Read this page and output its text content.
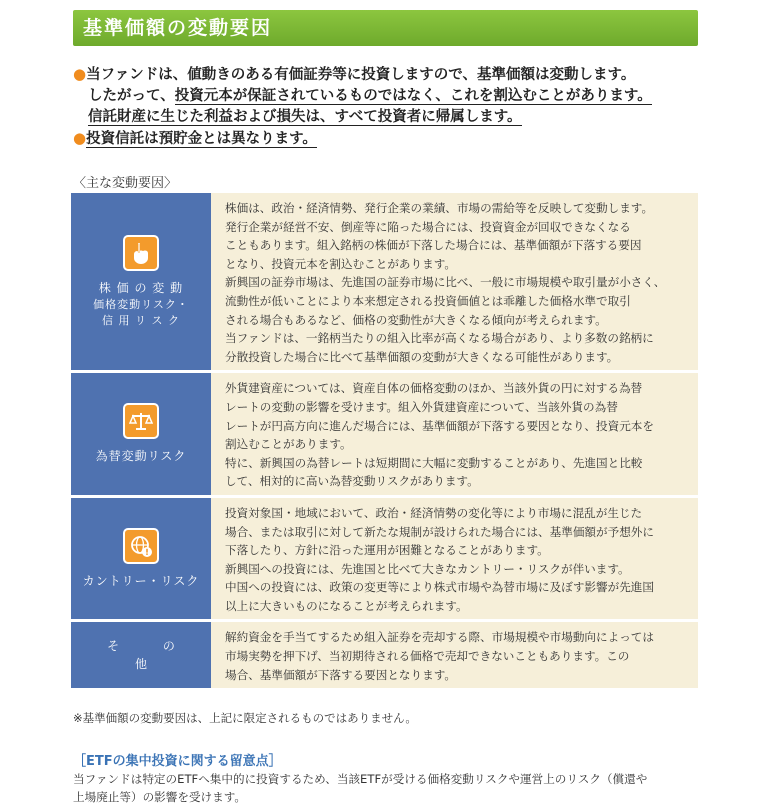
基準価額の変動要因
●当ファンドは、値動きのある有価証券等に投資しますので、基準価額は変動します。
したがって、投資元本が保証されているものではなく、これを割込むことがあります。
信託財産に生じた利益および損失は、すべて投資者に帰属します。
●投資信託は預貯金とは異なります。
〈主な変動要因〉
株 価 の 変 動
価格変動リスク・
信 用 リ ス ク

株価は、政治・経済情勢、発行企業の業績、市場の需給等を反映して変動します。

発行企業が経営不安、倒産等に陥った場合には、投資資金が回収できなくなる

こともあります。組入銘柄の株価が下落した場合には、基準価額が下落する要因

となり、投資元本を割込むことがあります。

新興国の証券市場は、先進国の証券市場に比べ、一般に市場規模や取引量が小さく、

流動性が低いことにより本来想定される投資価値とは乖離した価格水準で取引

される場合もあるなど、価格の変動性が大きくなる傾向が考えられます。

当ファンドは、一銘柄当たりの組入比率が高くなる場合があり、より多数の銘柄に

分散投資した場合に比べて基準価額の変動が大きくなる可能性があります。

為替変動リスク

外貨建資産については、資産自体の価格変動のほか、当該外貨の円に対する為替

レートの変動の影響を受けます。組入外貨建資産について、当該外貨の為替

レートが円高方向に進んだ場合には、基準価額が下落する要因となり、投資元本を

割込むことがあります。

特に、新興国の為替レートは短期間に大幅に変動することがあり、先進国と比較

して、相対的に高い為替変動リスクがあります。

カントリー・リスク

投資対象国・地域において、政治・経済情勢の変化等により市場に混乱が生じた

場合、または取引に対して新たな規制が設けられた場合には、基準価額が予想外に

下落したり、方針に沿った運用が困難となることがあります。

新興国への投資には、先進国と比べて大きなカントリー・リスクが伴います。

中国への投資には、政策の変更等により株式市場や為替市場に及ぼす影響が先進国

以上に大きいものになることが考えられます。

そ の 他

解約資金を手当てするため組入証券を売却する際、市場規模や市場動向によっては

市場実勢を押下げ、当初期待される価格で売却できないこともあります。この

場合、基準価額が下落する要因となります。

※基準価額の変動要因は、上記に限定されるものではありません。
［ETFの集中投資に関する留意点］
当ファンドは特定のETFへ集中的に投資するため、当該ETFが受ける価格変動リスクや運営上のリスク（償還や
上場廃止等）の影響を受けます。
